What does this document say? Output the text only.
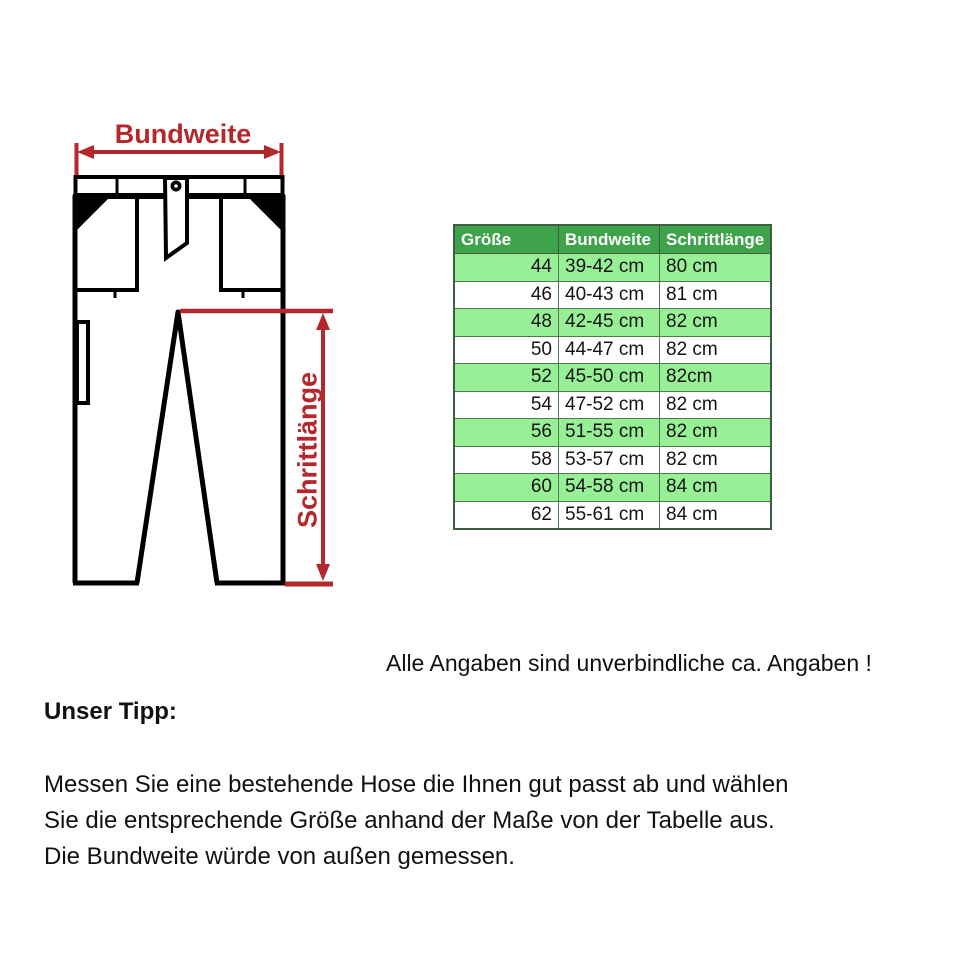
Bundweite
Schrittlänge
Größe	Bundweite	Schrittlänge
44	39-42 cm	80 cm
46	40-43 cm	81 cm
48	42-45 cm	82 cm
50	44-47 cm	82 cm
52	45-50 cm	82cm
54	47-52 cm	82 cm
56	51-55 cm	82 cm
58	53-57 cm	82 cm
60	54-58 cm	84 cm
62	55-61 cm	84 cm
Alle Angaben sind unverbindliche ca. Angaben !
Unser Tipp:
Messen Sie eine bestehende Hose die Ihnen gut passt ab und wählen
Sie die entsprechende Größe anhand der Maße von der Tabelle aus.
Die Bundweite würde von außen gemessen.
